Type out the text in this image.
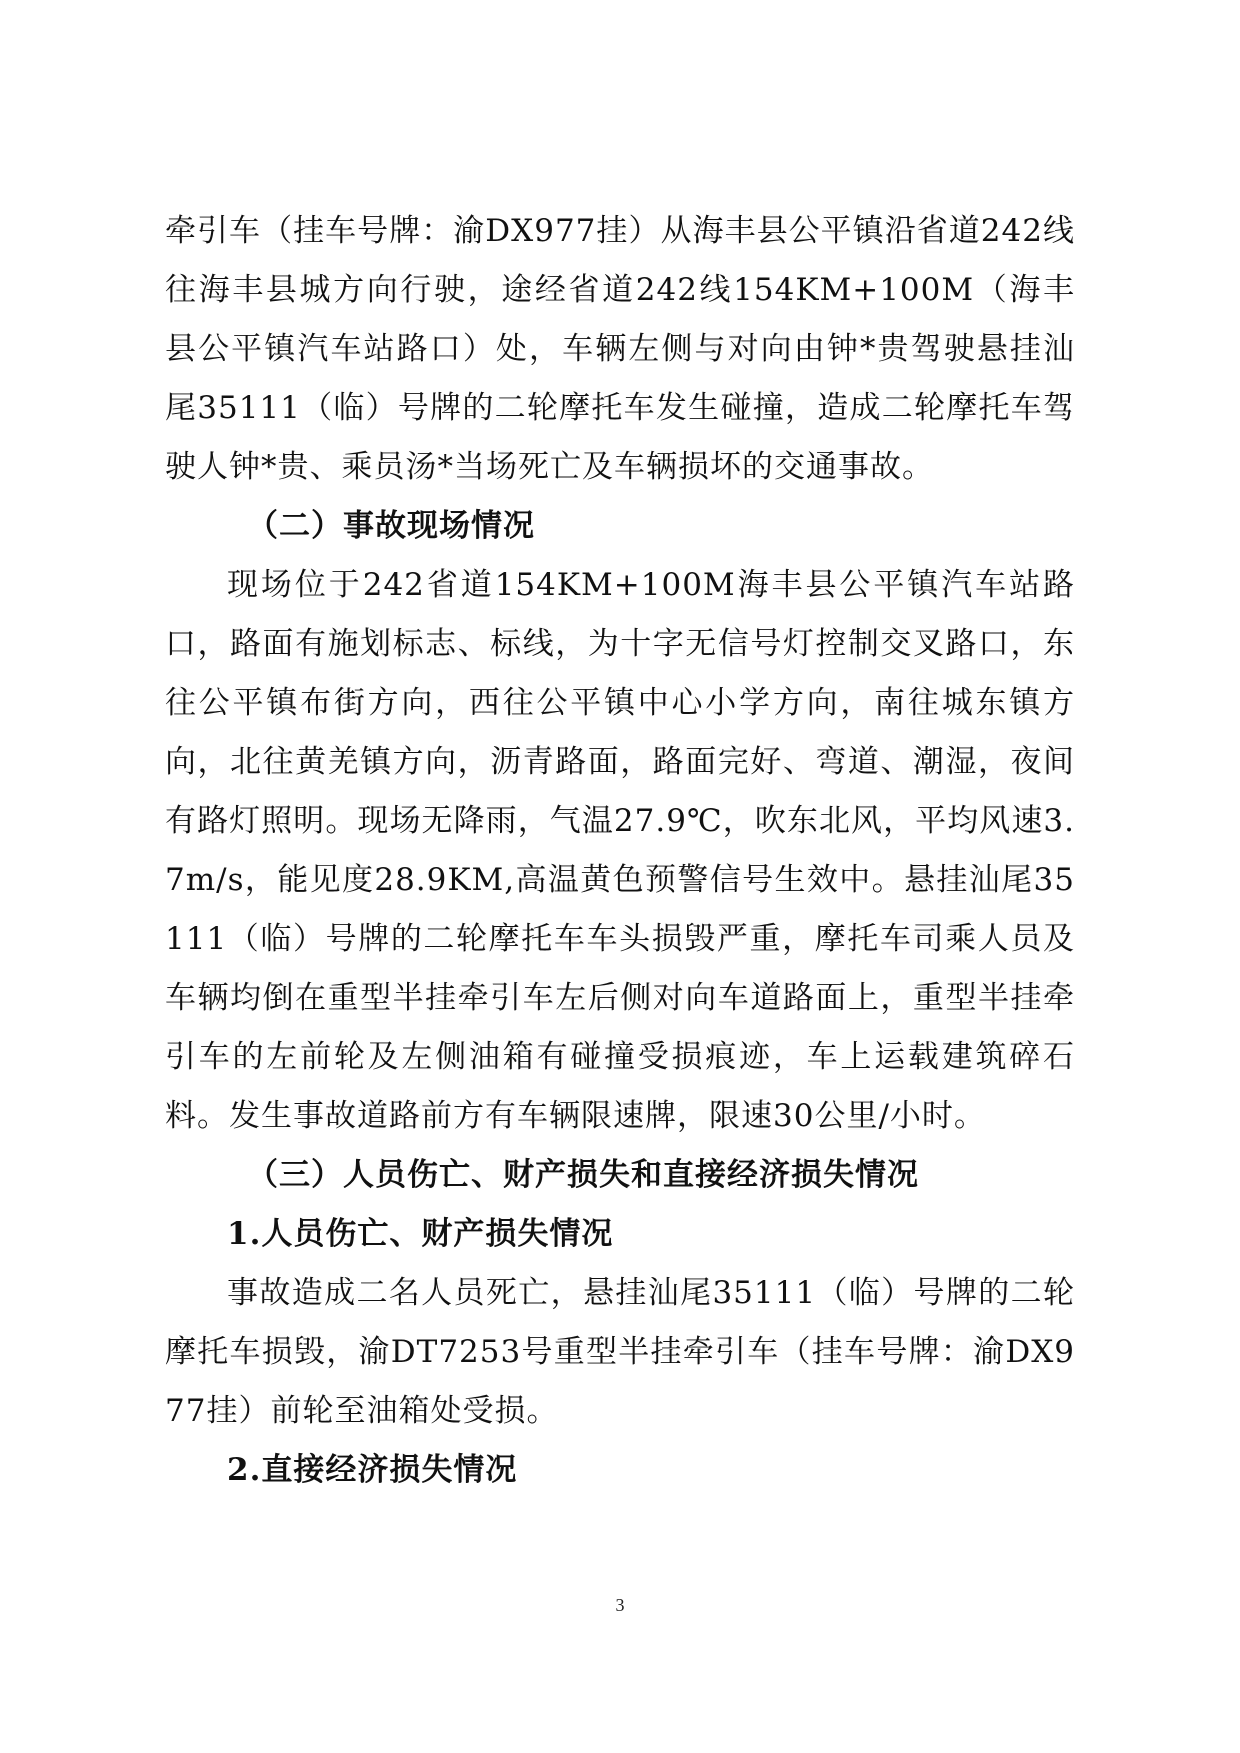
牵引车（挂车号牌：渝DX977挂）从海丰县公平镇沿省道242线往海丰县城方向行驶，途经省道242线154KM+100M（海丰县公平镇汽车站路口）处，车辆左侧与对向由钟*贵驾驶悬挂汕尾35111（临）号牌的二轮摩托车发生碰撞，造成二轮摩托车驾驶人钟*贵、乘员汤*当场死亡及车辆损坏的交通事故。

（二）事故现场情况

现场位于242省道154KM+100M海丰县公平镇汽车站路口，路面有施划标志、标线，为十字无信号灯控制交叉路口，东往公平镇布街方向，西往公平镇中心小学方向，南往城东镇方向，北往黄羌镇方向，沥青路面，路面完好、弯道、潮湿，夜间有路灯照明。现场无降雨，气温27.9℃，吹东北风，平均风速3.7m/s，能见度28.9KM,高温黄色预警信号生效中。悬挂汕尾35111（临）号牌的二轮摩托车车头损毁严重，摩托车司乘人员及车辆均倒在重型半挂牵引车左后侧对向车道路面上，重型半挂牵引车的左前轮及左侧油箱有碰撞受损痕迹，车上运载建筑碎石料。发生事故道路前方有车辆限速牌，限速30公里/小时。

（三）人员伤亡、财产损失和直接经济损失情况

1.人员伤亡、财产损失情况

事故造成二名人员死亡，悬挂汕尾35111（临）号牌的二轮摩托车损毁，渝DT7253号重型半挂牵引车（挂车号牌：渝DX977挂）前轮至油箱处受损。

2.直接经济损失情况

3
